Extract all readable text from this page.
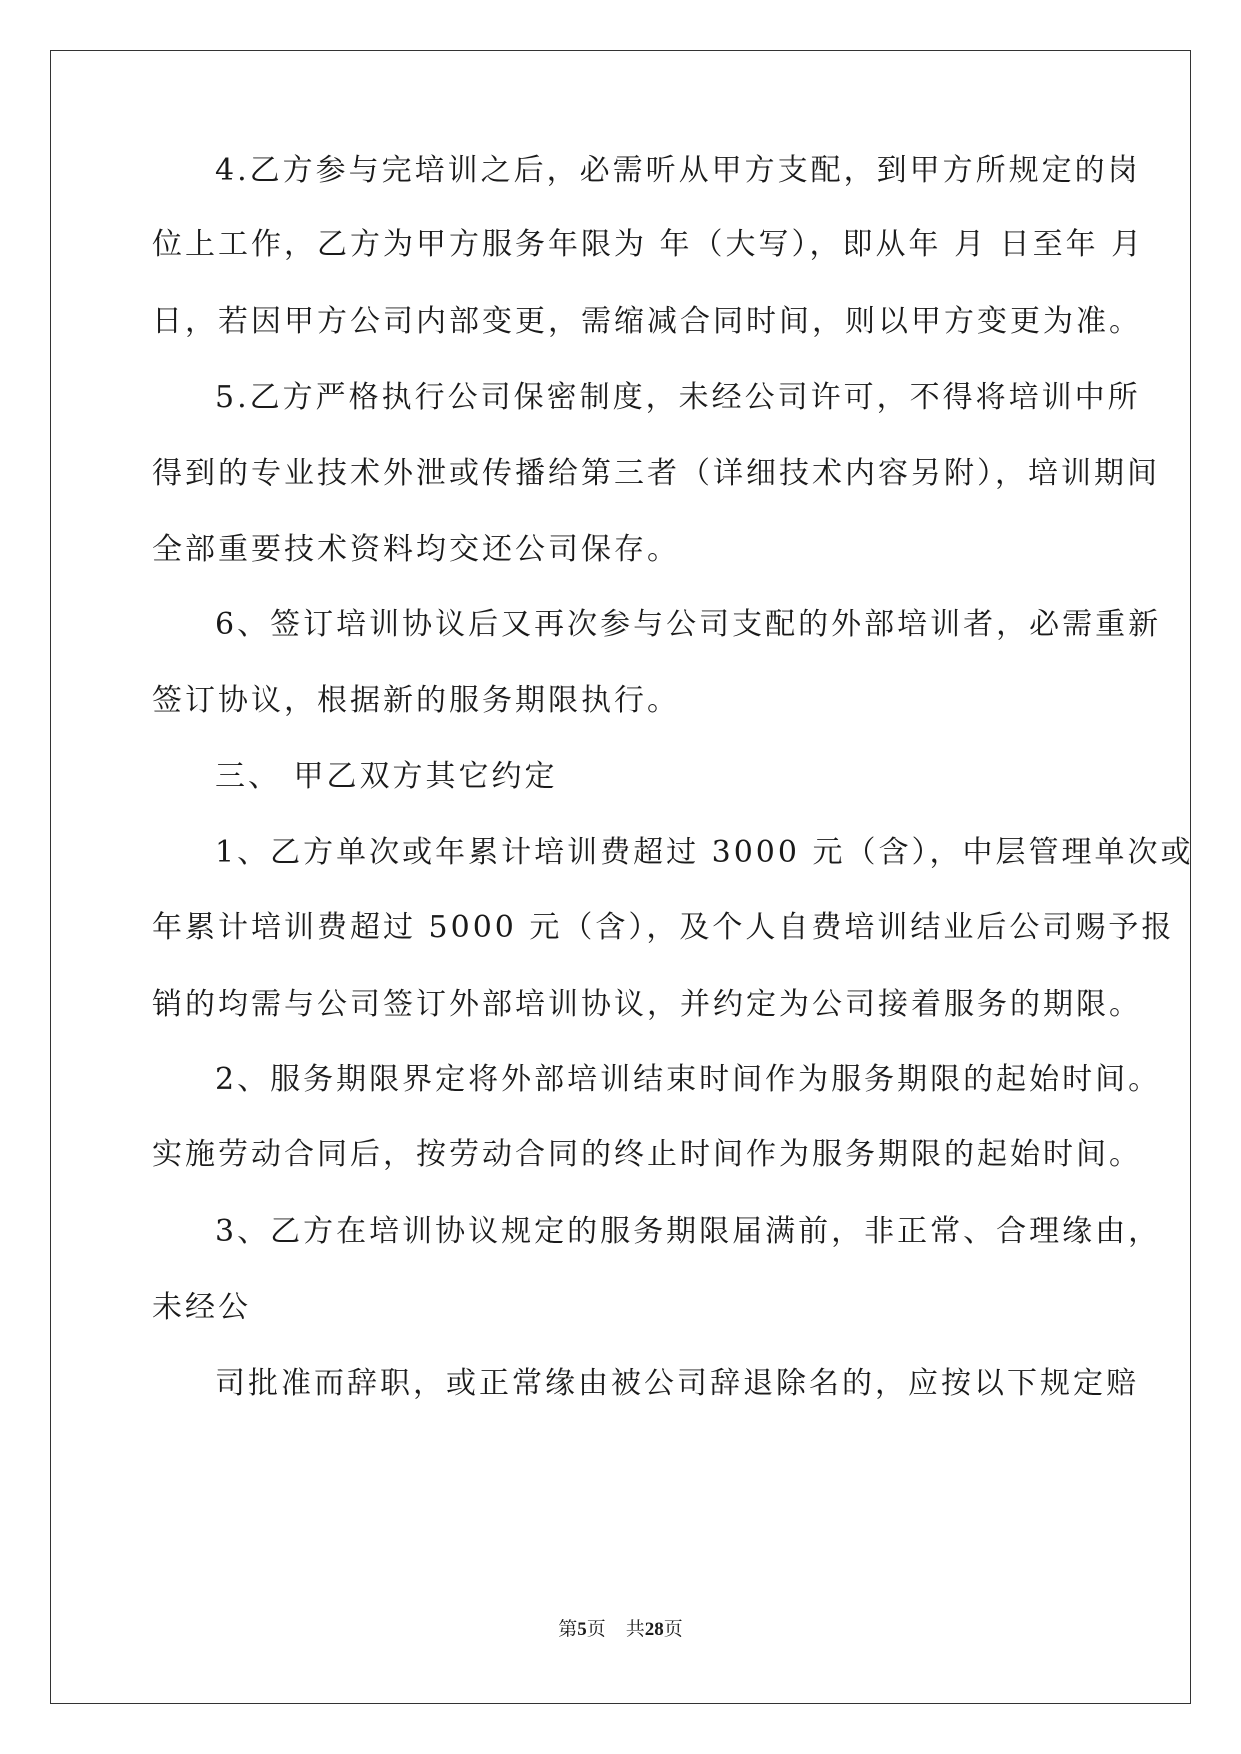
4.乙方参与完培训之后，必需听从甲方支配，到甲方所规定的岗
位上工作，乙方为甲方服务年限为 年（大写），即从年 月 日至年 月
日，若因甲方公司内部变更，需缩减合同时间，则以甲方变更为准。
5.乙方严格执行公司保密制度，未经公司许可，不得将培训中所
得到的专业技术外泄或传播给第三者（详细技术内容另附），培训期间
全部重要技术资料均交还公司保存。
6、签订培训协议后又再次参与公司支配的外部培训者，必需重新
签订协议，根据新的服务期限执行。
三、 甲乙双方其它约定
1、乙方单次或年累计培训费超过 3000 元（含），中层管理单次或
年累计培训费超过 5000 元（含），及个人自费培训结业后公司赐予报
销的均需与公司签订外部培训协议，并约定为公司接着服务的期限。
2、服务期限界定将外部培训结束时间作为服务期限的起始时间。
实施劳动合同后，按劳动合同的终止时间作为服务期限的起始时间。
3、乙方在培训协议规定的服务期限届满前，非正常、合理缘由，
未经公
司批准而辞职，或正常缘由被公司辞退除名的，应按以下规定赔
第5页 共28页
